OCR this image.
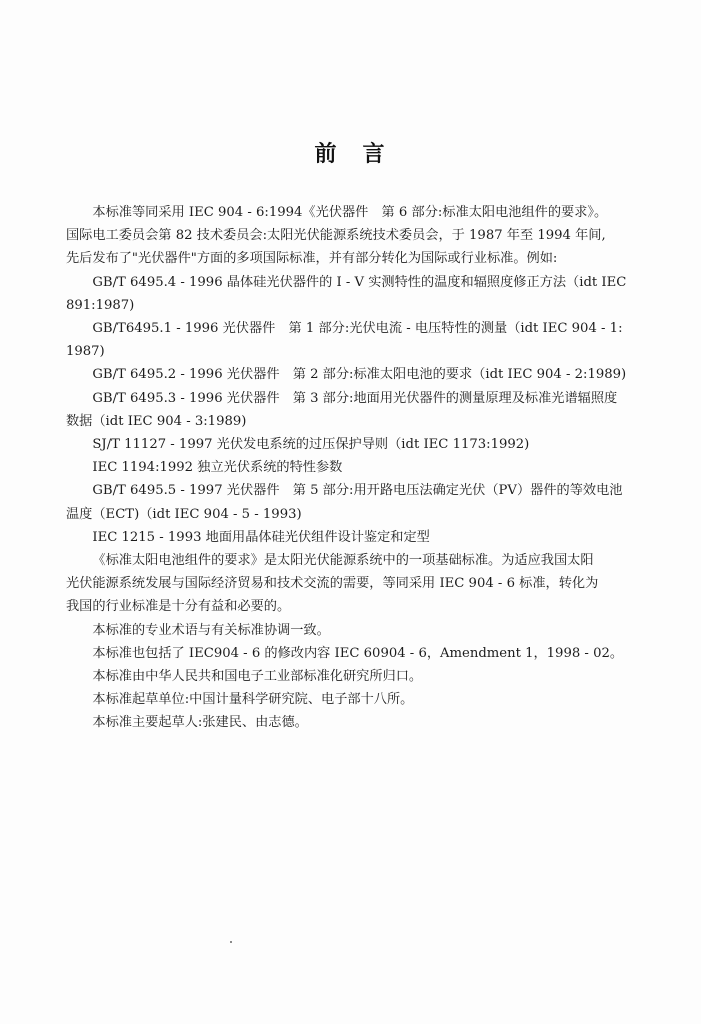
前　言
本标准等同采用 IEC 904 - 6:1994《光伏器件　第 6 部分:标准太阳电池组件的要求》。
国际电工委员会第 82 技术委员会:太阳光伏能源系统技术委员会，于 1987 年至 1994 年间,
先后发布了"光伏器件"方面的多项国际标准，并有部分转化为国际或行业标准。例如:
GB/T 6495.4 - 1996 晶体硅光伏器件的 I - V 实测特性的温度和辐照度修正方法（idt IEC
891:1987)
GB/T6495.1 - 1996 光伏器件　第 1 部分:光伏电流 - 电压特性的测量（idt IEC 904 - 1:
1987)
GB/T 6495.2 - 1996 光伏器件　第 2 部分:标准太阳电池的要求（idt IEC 904 - 2:1989)
GB/T 6495.3 - 1996 光伏器件　第 3 部分:地面用光伏器件的测量原理及标准光谱辐照度
数据（idt IEC 904 - 3:1989)
SJ/T 11127 - 1997 光伏发电系统的过压保护导则（idt IEC 1173:1992)
IEC 1194:1992 独立光伏系统的特性参数
GB/T 6495.5 - 1997 光伏器件　第 5 部分:用开路电压法确定光伏（PV）器件的等效电池
温度（ECT)（idt IEC 904 - 5 - 1993)
IEC 1215 - 1993 地面用晶体硅光伏组件设计鉴定和定型
《标准太阳电池组件的要求》是太阳光伏能源系统中的一项基础标准。为适应我国太阳
光伏能源系统发展与国际经济贸易和技术交流的需要，等同采用 IEC 904 - 6 标准，转化为
我国的行业标准是十分有益和必要的。
本标准的专业术语与有关标准协调一致。
本标准也包括了 IEC904 - 6 的修改内容 IEC 60904 - 6，Amendment 1，1998 - 02。
本标准由中华人民共和国电子工业部标准化研究所归口。
本标准起草单位:中国计量科学研究院、电子部十八所。
本标准主要起草人:张建民、由志德。
